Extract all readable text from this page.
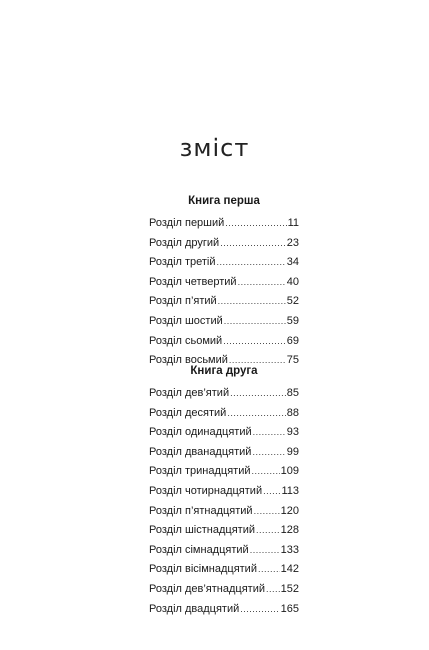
зміст
Книга перша
Розділ перший .....	11
Розділ другий .....	23
Розділ третій .....	34
Розділ четвертий .....	40
Розділ п’ятий .....	52
Розділ шостий .....	59
Розділ сьомий .....	69
Розділ восьмий .....	75
Книга друга
Розділ дев’ятий .....	85
Розділ десятий .....	88
Розділ одинадцятий .....	93
Розділ дванадцятий .....	99
Розділ тринадцятий .....	109
Розділ чотирнадцятий ..... 113
Розділ п’ятнадцятий .....	120
Розділ шістнадцятий ..... 128
Розділ сімнадцятий .....	133
Розділ вісімнадцятий ..... 142
Розділ дев’ятнадцятий ..... 152
Розділ двадцятий .....	165
